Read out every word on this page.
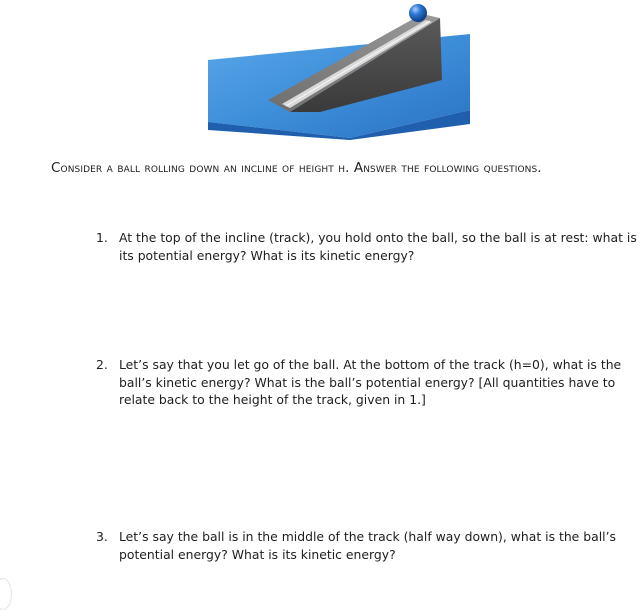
Consider a ball rolling down an incline of height h. Answer the following questions.
1. At the top of the incline (track), you hold onto the ball, so the ball is at rest: what is its potential energy? What is its kinetic energy?
2. Let’s say that you let go of the ball. At the bottom of the track (h=0), what is the ball’s kinetic energy? What is the ball’s potential energy? [All quantities have to relate back to the height of the track, given in 1.]
3. Let’s say the ball is in the middle of the track (half way down), what is the ball’s potential energy? What is its kinetic energy?
